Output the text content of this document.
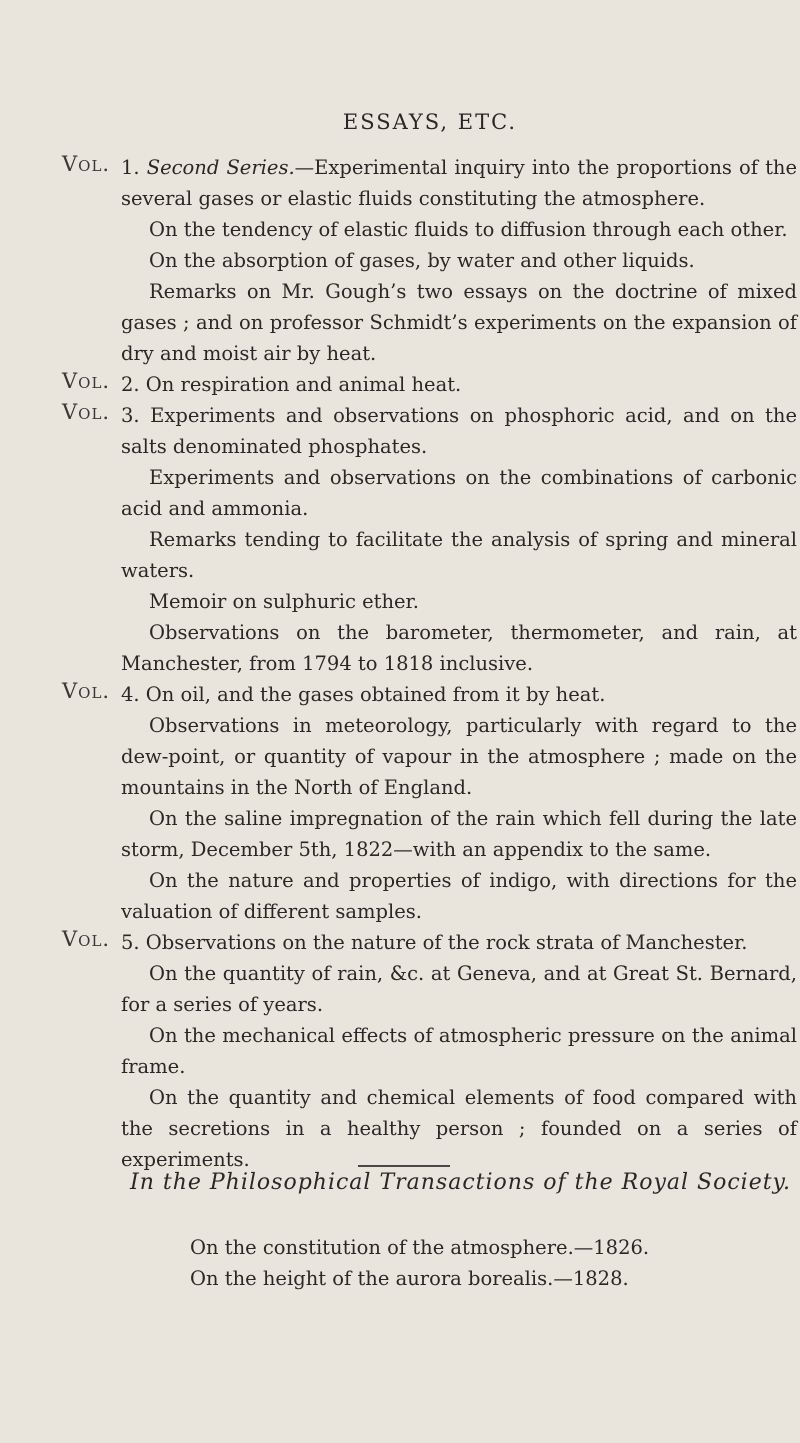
ESSAYS, ETC.
Vol. 1. Second Series.—Experimental inquiry into the proportions of the several gases or elastic fluids constituting the atmosphere.
On the tendency of elastic fluids to diffusion through each other.
On the absorption of gases, by water and other liquids.
Remarks on Mr. Gough’s two essays on the doctrine of mixed gases ; and on professor Schmidt’s experiments on the expansion of dry and moist air by heat.
Vol. 2. On respiration and animal heat.
Vol. 3. Experiments and observations on phosphoric acid, and on the salts denominated phosphates.
Experiments and observations on the combinations of carbonic acid and ammonia.
Remarks tending to facilitate the analysis of spring and mineral waters.
Memoir on sulphuric ether.
Observations on the barometer, thermometer, and rain, at Manchester, from 1794 to 1818 inclusive.
Vol. 4. On oil, and the gases obtained from it by heat.
Observations in meteorology, particularly with regard to the dew-point, or quantity of vapour in the atmosphere ; made on the mountains in the North of England.
On the saline impregnation of the rain which fell during the late storm, December 5th, 1822—with an appendix to the same.
On the nature and properties of indigo, with directions for the valuation of different samples.
Vol. 5. Observations on the nature of the rock strata of Manchester.
On the quantity of rain, &c. at Geneva, and at Great St. Bernard, for a series of years.
On the mechanical effects of atmospheric pressure on the animal frame.
On the quantity and chemical elements of food compared with the secretions in a healthy person ; founded on a series of experiments.
In the Philosophical Transactions of the Royal Society.
On the constitution of the atmosphere.—1826.
On the height of the aurora borealis.—1828.
